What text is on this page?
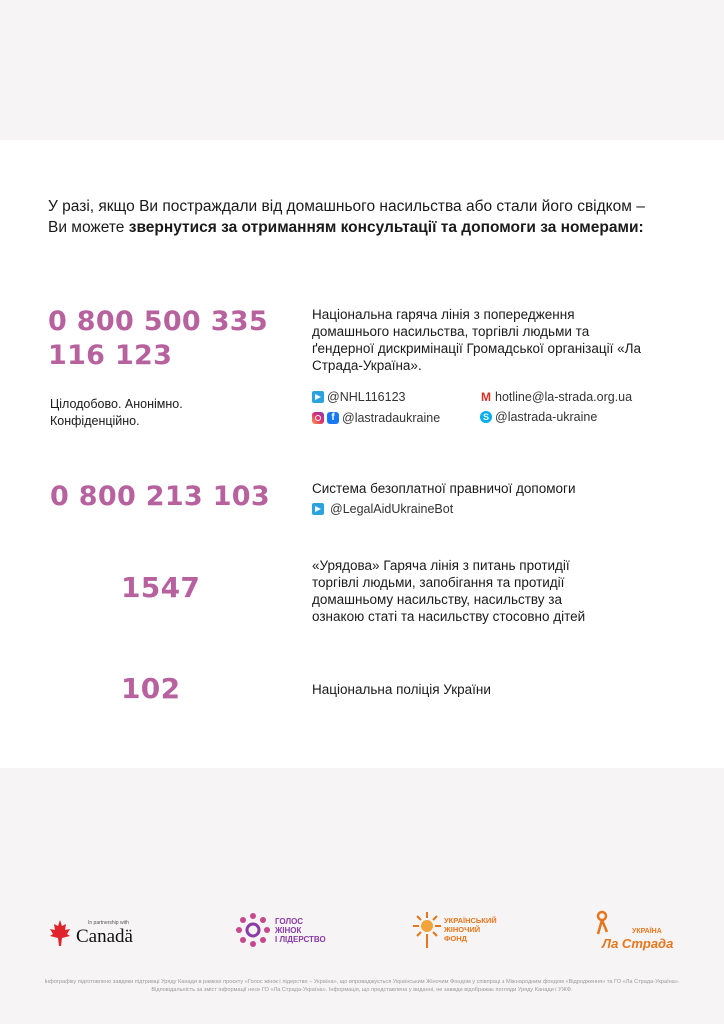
У разі, якщо Ви постраждали від домашнього насильства або стали його свідком – Ви можете звернутися за отриманням консультації та допомоги за номерами:
0 800 500 335
116 123
Національна гаряча лінія з попередження домашнього насильства, торгівлі людьми та ґендерної дискримінації Громадської організації «Ла Страда-Україна».
Цілодобово. Анонімно. Конфіденційно.
@NHL116123
f @lastradaukraine
M hotline@la-strada.org.ua
S @lastrada-ukraine
0 800 213 103	Система безоплатної правничої допомоги
@LegalAidUkraineBot
1547
«Урядова» Гаряча лінія з питань протидії торгівлі людьми, запобігання та протидії домашньому насильству, насильству за ознакою статі та насильству стосовно дітей
102	Національна поліція України
In partnership with
Canadä
ГОЛОС
ЖІНОК
І ЛІДЕРСТВО
УКРАЇНСЬКИЙ
ЖІНОЧИЙ
ФОНД
УКРАЇНА
Ла Страда
Інфографіку підготовлено завдяки підтримці Уряду Канади в рамках проєкту «Голос жінок і лідерство – Україна», що впроваджується Українським Жіночим Фондом у співпраці з Міжнародним фондом «Відродження» та ГО «Ла Страда-Україна». Відповідальність за зміст інформації несе ГО «Ла Страда-Україна». Інформація, що представлена у виданні, не завжди відображає погляди Уряду Канади і УЖФ.
